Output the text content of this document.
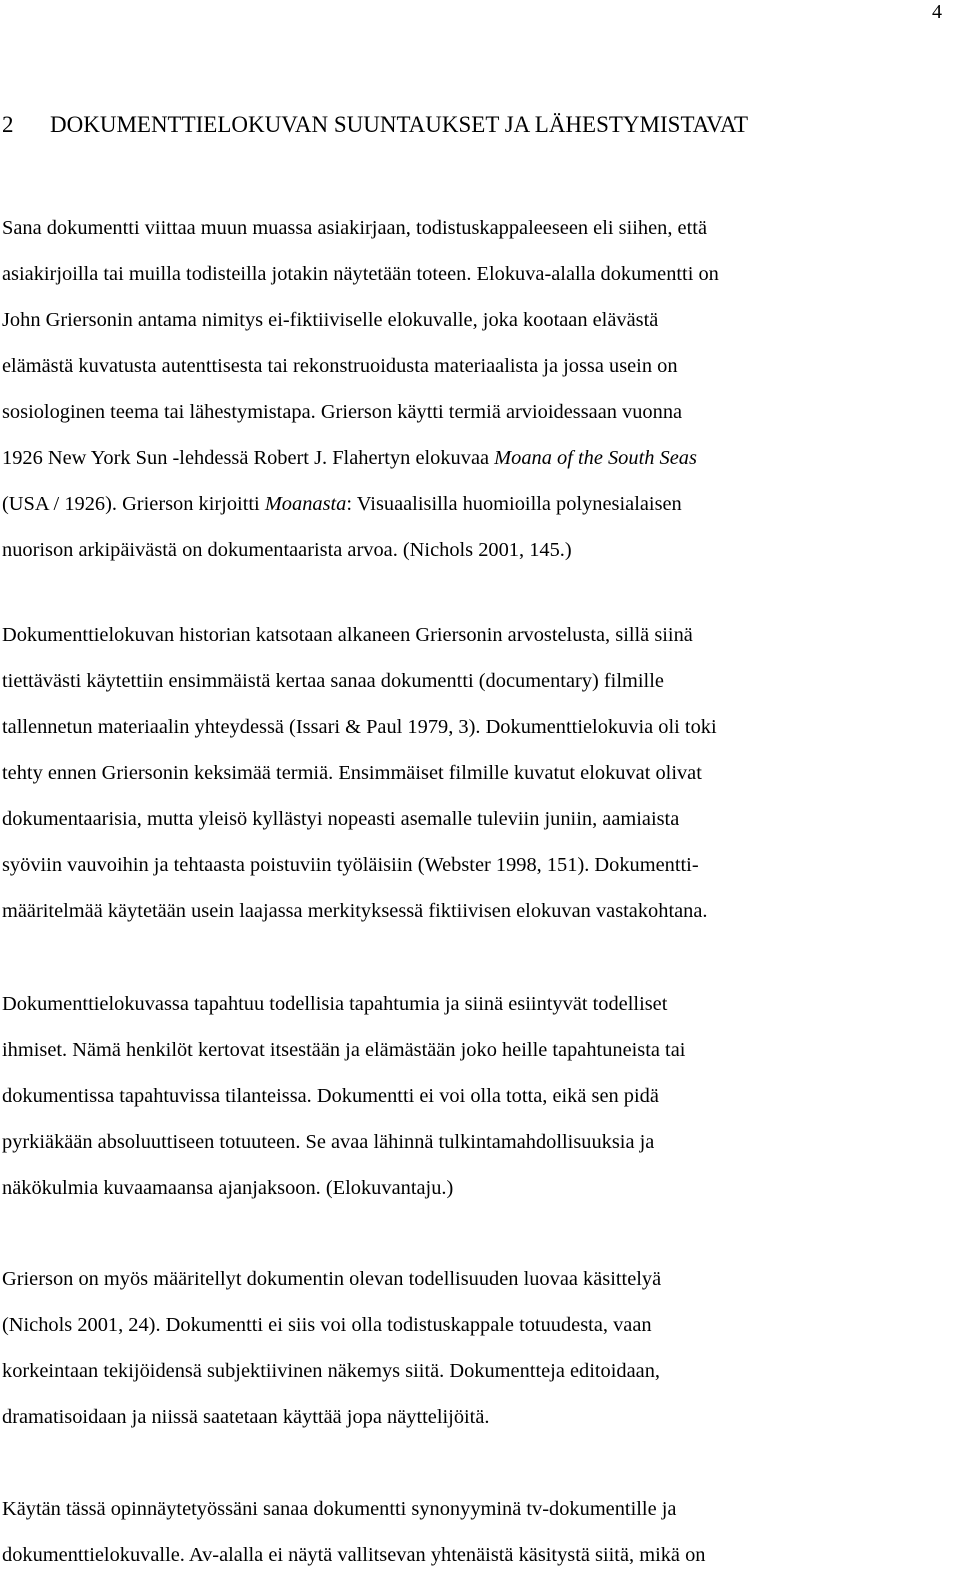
4
2 DOKUMENTTIELOKUVAN SUUNTAUKSET JA LÄHESTYMISTAVAT
Sana dokumentti viittaa muun muassa asiakirjaan, todistuskappaleeseen eli siihen, että
asiakirjoilla tai muilla todisteilla jotakin näytetään toteen. Elokuva-alalla dokumentti on
John Griersonin antama nimitys ei-fiktiiviselle elokuvalle, joka kootaan elävästä
elämästä kuvatusta autenttisesta tai rekonstruoidusta materiaalista ja jossa usein on
sosiologinen teema tai lähestymistapa. Grierson käytti termiä arvioidessaan vuonna
1926 New York Sun -lehdessä Robert J. Flahertyn elokuvaa Moana of the South Seas
(USA / 1926). Grierson kirjoitti Moanasta: Visuaalisilla huomioilla polynesialaisen
nuorison arkipäivästä on dokumentaarista arvoa. (Nichols 2001, 145.)
Dokumenttielokuvan historian katsotaan alkaneen Griersonin arvostelusta, sillä siinä
tiettävästi käytettiin ensimmäistä kertaa sanaa dokumentti (documentary) filmille
tallennetun materiaalin yhteydessä (Issari & Paul 1979, 3). Dokumenttielokuvia oli toki
tehty ennen Griersonin keksimää termiä. Ensimmäiset filmille kuvatut elokuvat olivat
dokumentaarisia, mutta yleisö kyllästyi nopeasti asemalle tuleviin juniin, aamiaista
syöviin vauvoihin ja tehtaasta poistuviin työläisiin (Webster 1998, 151). Dokumentti-
määritelmää käytetään usein laajassa merkityksessä fiktiivisen elokuvan vastakohtana.
Dokumenttielokuvassa tapahtuu todellisia tapahtumia ja siinä esiintyvät todelliset
ihmiset. Nämä henkilöt kertovat itsestään ja elämästään joko heille tapahtuneista tai
dokumentissa tapahtuvissa tilanteissa. Dokumentti ei voi olla totta, eikä sen pidä
pyrkiäkään absoluuttiseen totuuteen. Se avaa lähinnä tulkintamahdollisuuksia ja
näkökulmia kuvaamaansa ajanjaksoon. (Elokuvantaju.)
Grierson on myös määritellyt dokumentin olevan todellisuuden luovaa käsittelyä
(Nichols 2001, 24). Dokumentti ei siis voi olla todistuskappale totuudesta, vaan
korkeintaan tekijöidensä subjektiivinen näkemys siitä. Dokumentteja editoidaan,
dramatisoidaan ja niissä saatetaan käyttää jopa näyttelijöitä.
Käytän tässä opinnäytetyössäni sanaa dokumentti synonyyminä tv-dokumentille ja
dokumenttielokuvalle. Av-alalla ei näytä vallitsevan yhtenäistä käsitystä siitä, mikä on
